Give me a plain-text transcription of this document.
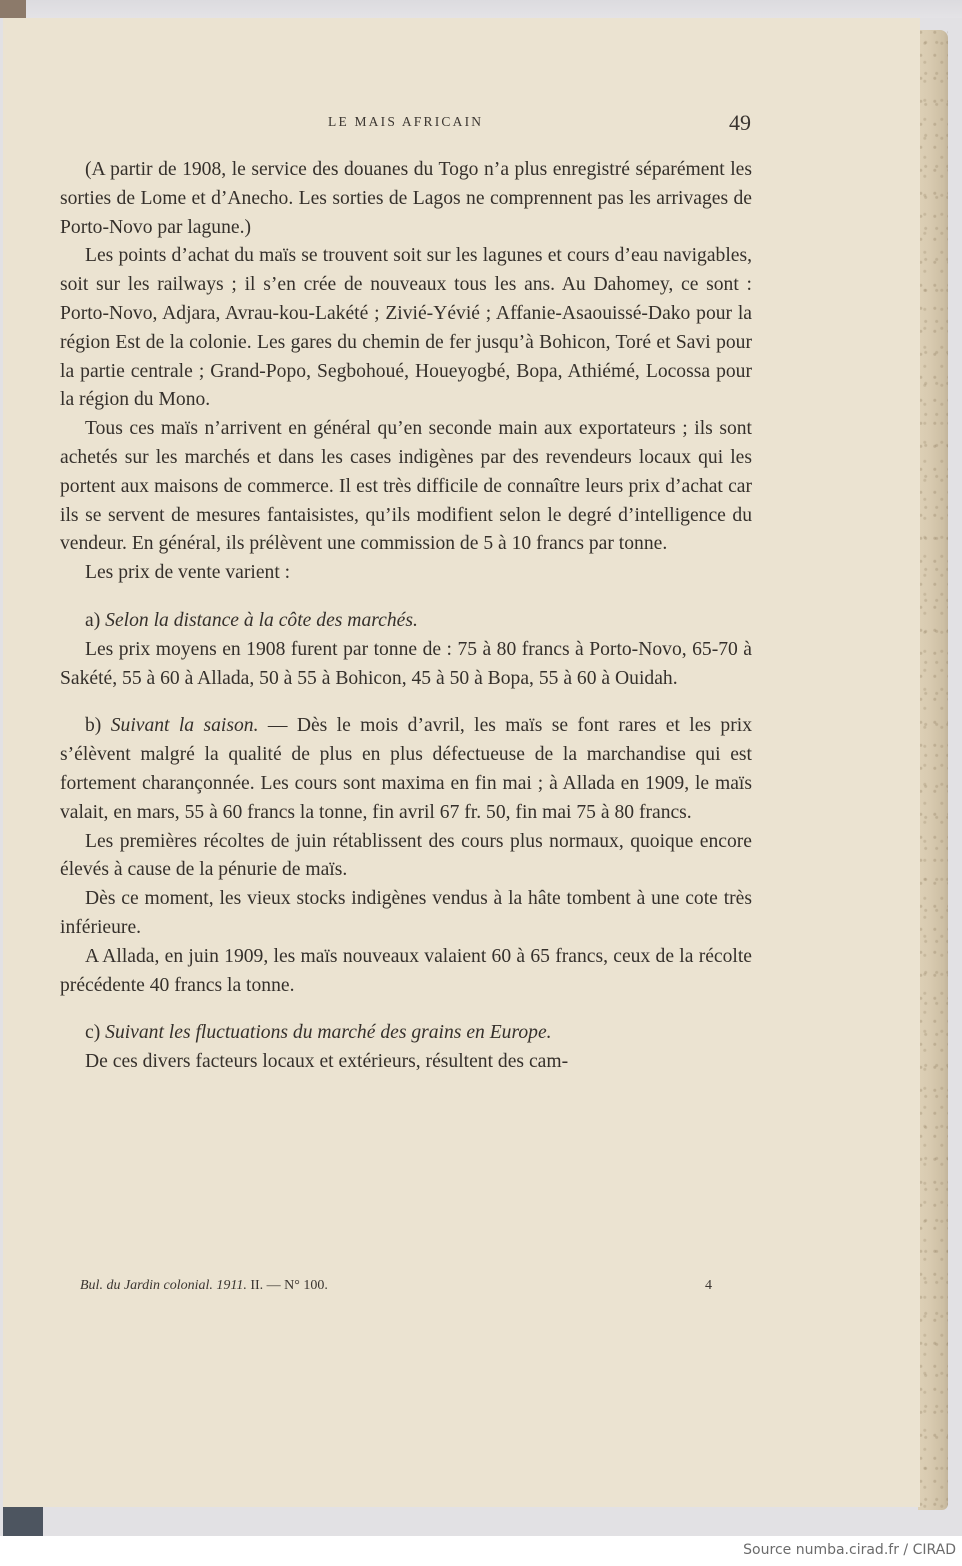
LE MAIS AFRICAIN	49

(A partir de 1908, le service des douanes du Togo n’a plus enregistré séparément les sorties de Lome et d’Anecho. Les sorties de Lagos ne comprennent pas les arrivages de Porto-Novo par lagune.)

Les points d’achat du maïs se trouvent soit sur les lagunes et cours d’eau navigables, soit sur les railways ; il s’en crée de nouveaux tous les ans. Au Dahomey, ce sont : Porto-Novo, Adjara, Avrau-kou-Lakété ; Zivié-Yévié ; Affanie-Asaouissé-Dako pour la région Est de la colonie. Les gares du chemin de fer jusqu’à Bohicon, Toré et Savi pour la partie centrale ; Grand-Popo, Segbohoué, Houeyogbé, Bopa, Athiémé, Locossa pour la région du Mono.

Tous ces maïs n’arrivent en général qu’en seconde main aux exportateurs ; ils sont achetés sur les marchés et dans les cases indigènes par des revendeurs locaux qui les portent aux maisons de commerce. Il est très difficile de connaître leurs prix d’achat car ils se servent de mesures fantaisistes, qu’ils modifient selon le degré d’intelligence du vendeur. En général, ils prélèvent une commission de 5 à 10 francs par tonne.

Les prix de vente varient :

a) Selon la distance à la côte des marchés.

Les prix moyens en 1908 furent par tonne de : 75 à 80 francs à Porto-Novo, 65-70 à Sakété, 55 à 60 à Allada, 50 à 55 à Bohicon, 45 à 50 à Bopa, 55 à 60 à Ouidah.

b) Suivant la saison. — Dès le mois d’avril, les maïs se font rares et les prix s’élèvent malgré la qualité de plus en plus défectueuse de la marchandise qui est fortement charançonnée. Les cours sont maxima en fin mai ; à Allada en 1909, le maïs valait, en mars, 55 à 60 francs la tonne, fin avril 67 fr. 50, fin mai 75 à 80 francs.

Les premières récoltes de juin rétablissent des cours plus normaux, quoique encore élevés à cause de la pénurie de maïs.

Dès ce moment, les vieux stocks indigènes vendus à la hâte tombent à une cote très inférieure.

A Allada, en juin 1909, les maïs nouveaux valaient 60 à 65 francs, ceux de la récolte précédente 40 francs la tonne.

c) Suivant les fluctuations du marché des grains en Europe.

De ces divers facteurs locaux et extérieurs, résultent des cam-

Bul. du Jardin colonial. 1911. II. — N° 100.	4
Source numba.cirad.fr / CIRAD
